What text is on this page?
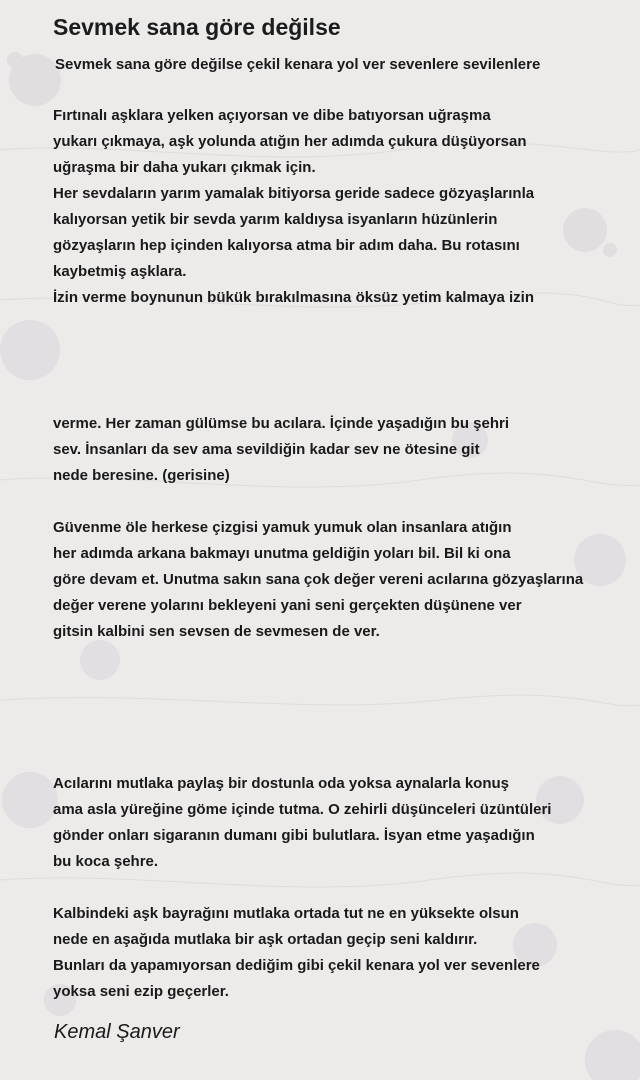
Sevmek sana göre değilse
Sevmek sana göre değilse çekil kenara yol ver sevenlere sevilenlere
Fırtınalı aşklara yelken açıyorsan ve dibe batıyorsan uğraşma
yukarı çıkmaya, aşk yolunda atığın her adımda çukura düşüyorsan
uğraşma bir daha yukarı çıkmak için.
Her sevdaların yarım yamalak bitiyorsa geride sadece gözyaşlarınla
kalıyorsan yetik bir sevda yarım kaldıysa isyanların hüzünlerin
gözyaşların hep içinden kalıyorsa atma bir adım daha. Bu rotasını
kaybetmiş aşklara.
İzin verme boynunun bükük bırakılmasına öksüz yetim kalmaya izin
verme. Her zaman gülümse bu acılara. İçinde yaşadığın bu şehri
sev. İnsanları da sev ama sevildiğin kadar sev ne ötesine git
nede beresine. (gerisine)
Güvenme öle herkese çizgisi yamuk yumuk olan insanlara atığın
her adımda arkana bakmayı unutma geldiğin yoları bil. Bil ki ona
göre devam et. Unutma sakın sana çok değer vereni acılarına gözyaşlarına
değer verene yolarını bekleyeni yani seni gerçekten düşünene ver
gitsin kalbini sen sevsen de sevmesen de ver.
Acılarını mutlaka paylaş bir dostunla oda yoksa aynalarla konuş
ama asla yüreğine göme içinde tutma. O zehirli düşünceleri üzüntüleri
gönder onları sigaranın dumanı gibi bulutlara. İsyan etme yaşadığın
bu koca şehre.
Kalbindeki aşk bayrağını mutlaka ortada tut ne en yüksekte olsun
nede en aşağıda mutlaka bir aşk ortadan geçip seni kaldırır.
Bunları da yapamıyorsan dediğim gibi çekil kenara yol ver sevenlere
yoksa seni ezip geçerler.
Kemal Şanver
